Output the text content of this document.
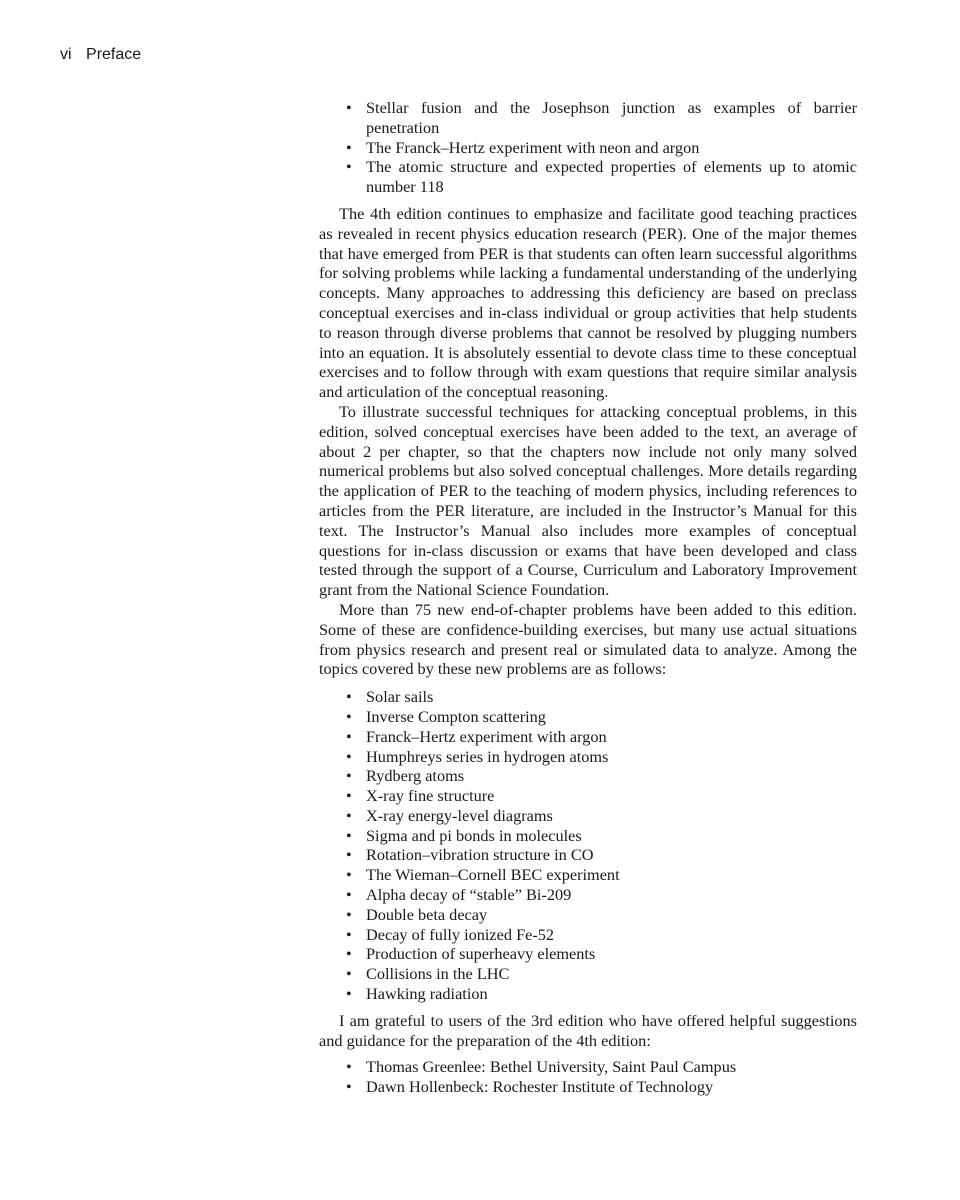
vi Preface
• Stellar fusion and the Josephson junction as examples of barrier penetration
• The Franck–Hertz experiment with neon and argon
• The atomic structure and expected properties of elements up to atomic number 118

The 4th edition continues to emphasize and facilitate good teaching practices as revealed in recent physics education research (PER). One of the major themes that have emerged from PER is that students can often learn successful algorithms for solving problems while lacking a fundamental understanding of the underlying concepts. Many approaches to addressing this deficiency are based on preclass conceptual exercises and in-class individual or group activities that help students to reason through diverse problems that cannot be resolved by plugging numbers into an equation. It is absolutely essential to devote class time to these conceptual exercises and to follow through with exam questions that require similar analysis and articulation of the conceptual reasoning.

To illustrate successful techniques for attacking conceptual problems, in this edition, solved conceptual exercises have been added to the text, an average of about 2 per chapter, so that the chapters now include not only many solved numerical problems but also solved conceptual challenges. More details regarding the application of PER to the teaching of modern physics, including references to articles from the PER literature, are included in the Instructor’s Manual for this text. The Instructor’s Manual also includes more examples of conceptual questions for in-class discussion or exams that have been developed and class tested through the support of a Course, Curriculum and Laboratory Improvement grant from the National Science Foundation.

More than 75 new end-of-chapter problems have been added to this edition. Some of these are confidence-building exercises, but many use actual situations from physics research and present real or simulated data to analyze. Among the topics covered by these new problems are as follows:

• Solar sails
• Inverse Compton scattering
• Franck–Hertz experiment with argon
• Humphreys series in hydrogen atoms
• Rydberg atoms
• X-ray fine structure
• X-ray energy-level diagrams
• Sigma and pi bonds in molecules
• Rotation–vibration structure in CO
• The Wieman–Cornell BEC experiment
• Alpha decay of “stable” Bi-209
• Double beta decay
• Decay of fully ionized Fe-52
• Production of superheavy elements
• Collisions in the LHC
• Hawking radiation

I am grateful to users of the 3rd edition who have offered helpful suggestions and guidance for the preparation of the 4th edition:

• Thomas Greenlee: Bethel University, Saint Paul Campus
• Dawn Hollenbeck: Rochester Institute of Technology
